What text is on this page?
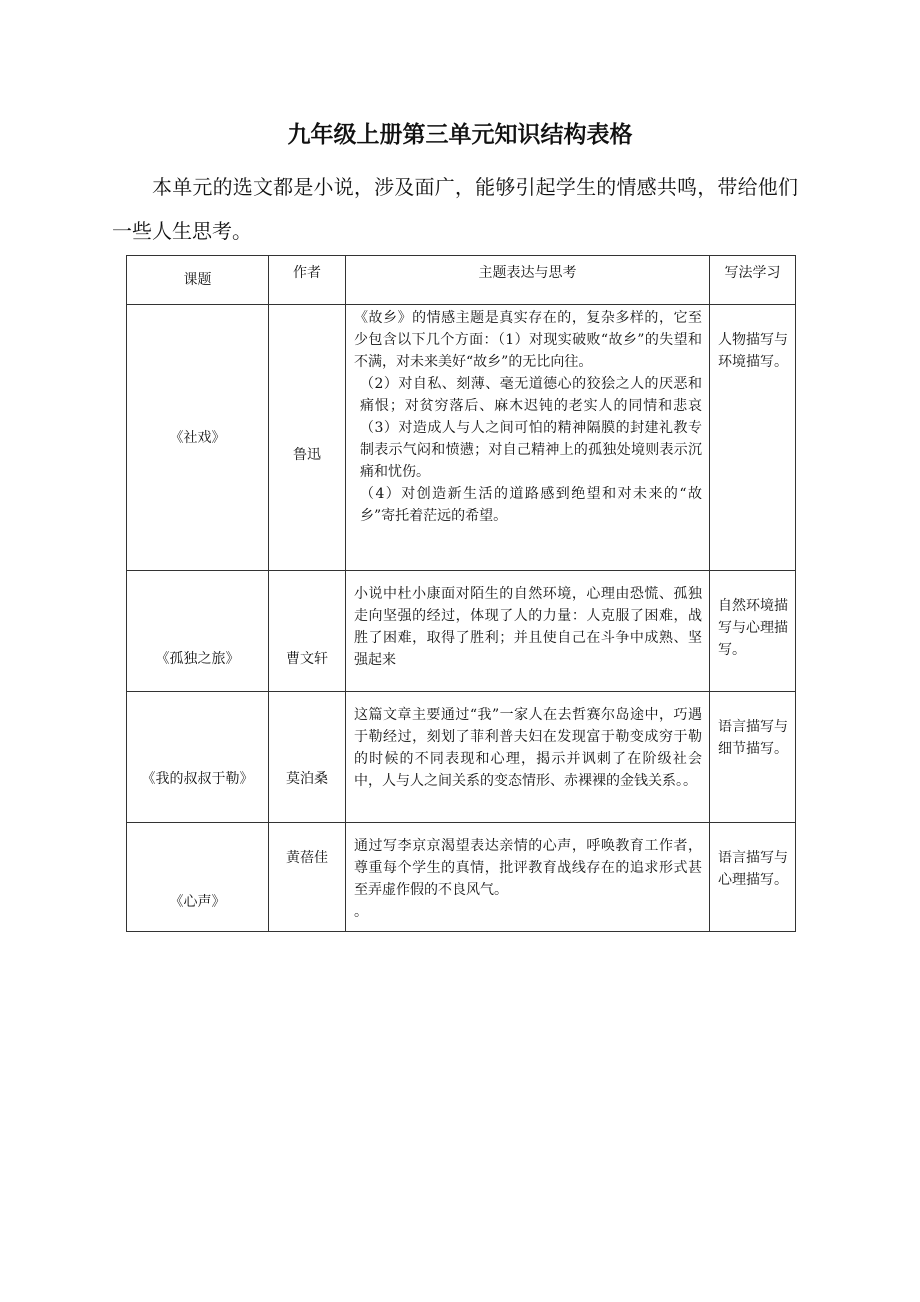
九年级上册第三单元知识结构表格

本单元的选文都是小说，涉及面广，能够引起学生的情感共鸣，带给他们一些人生思考。

课题	作者	主题表达与思考	写法学习
《社戏》	鲁迅	《故乡》的情感主题是真实存在的，复杂多样的，它至少包含以下几个方面：（1）对现实破败“故乡”的失望和不满，对未来美好“故乡”的无比向往。

（2）对自私、刻薄、毫无道德心的狡狯之人的厌恶和痛恨；对贫穷落后、麻木迟钝的老实人的同情和悲哀（3）对造成人与人之间可怕的精神隔膜的封建礼教专制表示气闷和愤懑；对自己精神上的孤独处境则表示沉痛和忧伤。

（4）对创造新生活的道路感到绝望和对未来的“故乡”寄托着茫远的希望。	人物描写与环境描写。
《孤独之旅》	曹文轩	小说中杜小康面对陌生的自然环境，心理由恐慌、孤独走向坚强的经过，体现了人的力量：人克服了困难，战胜了困难，取得了胜利；并且使自己在斗争中成熟、坚强起来	自然环境描写与心理描写。
《我的叔叔于勒》	莫泊桑	这篇文章主要通过“我”一家人在去哲赛尔岛途中，巧遇于勒经过，刻划了菲利普夫妇在发现富于勒变成穷于勒的时候的不同表现和心理，揭示并讽刺了在阶级社会中，人与人之间关系的变态情形、赤裸裸的金钱关系。。	语言描写与细节描写。
《心声》	黄蓓佳	通过写李京京渴望表达亲情的心声，呼唤教育工作者，尊重每个学生的真情，批评教育战线存在的追求形式甚至弄虚作假的不良风气。

。	语言描写与心理描写。
